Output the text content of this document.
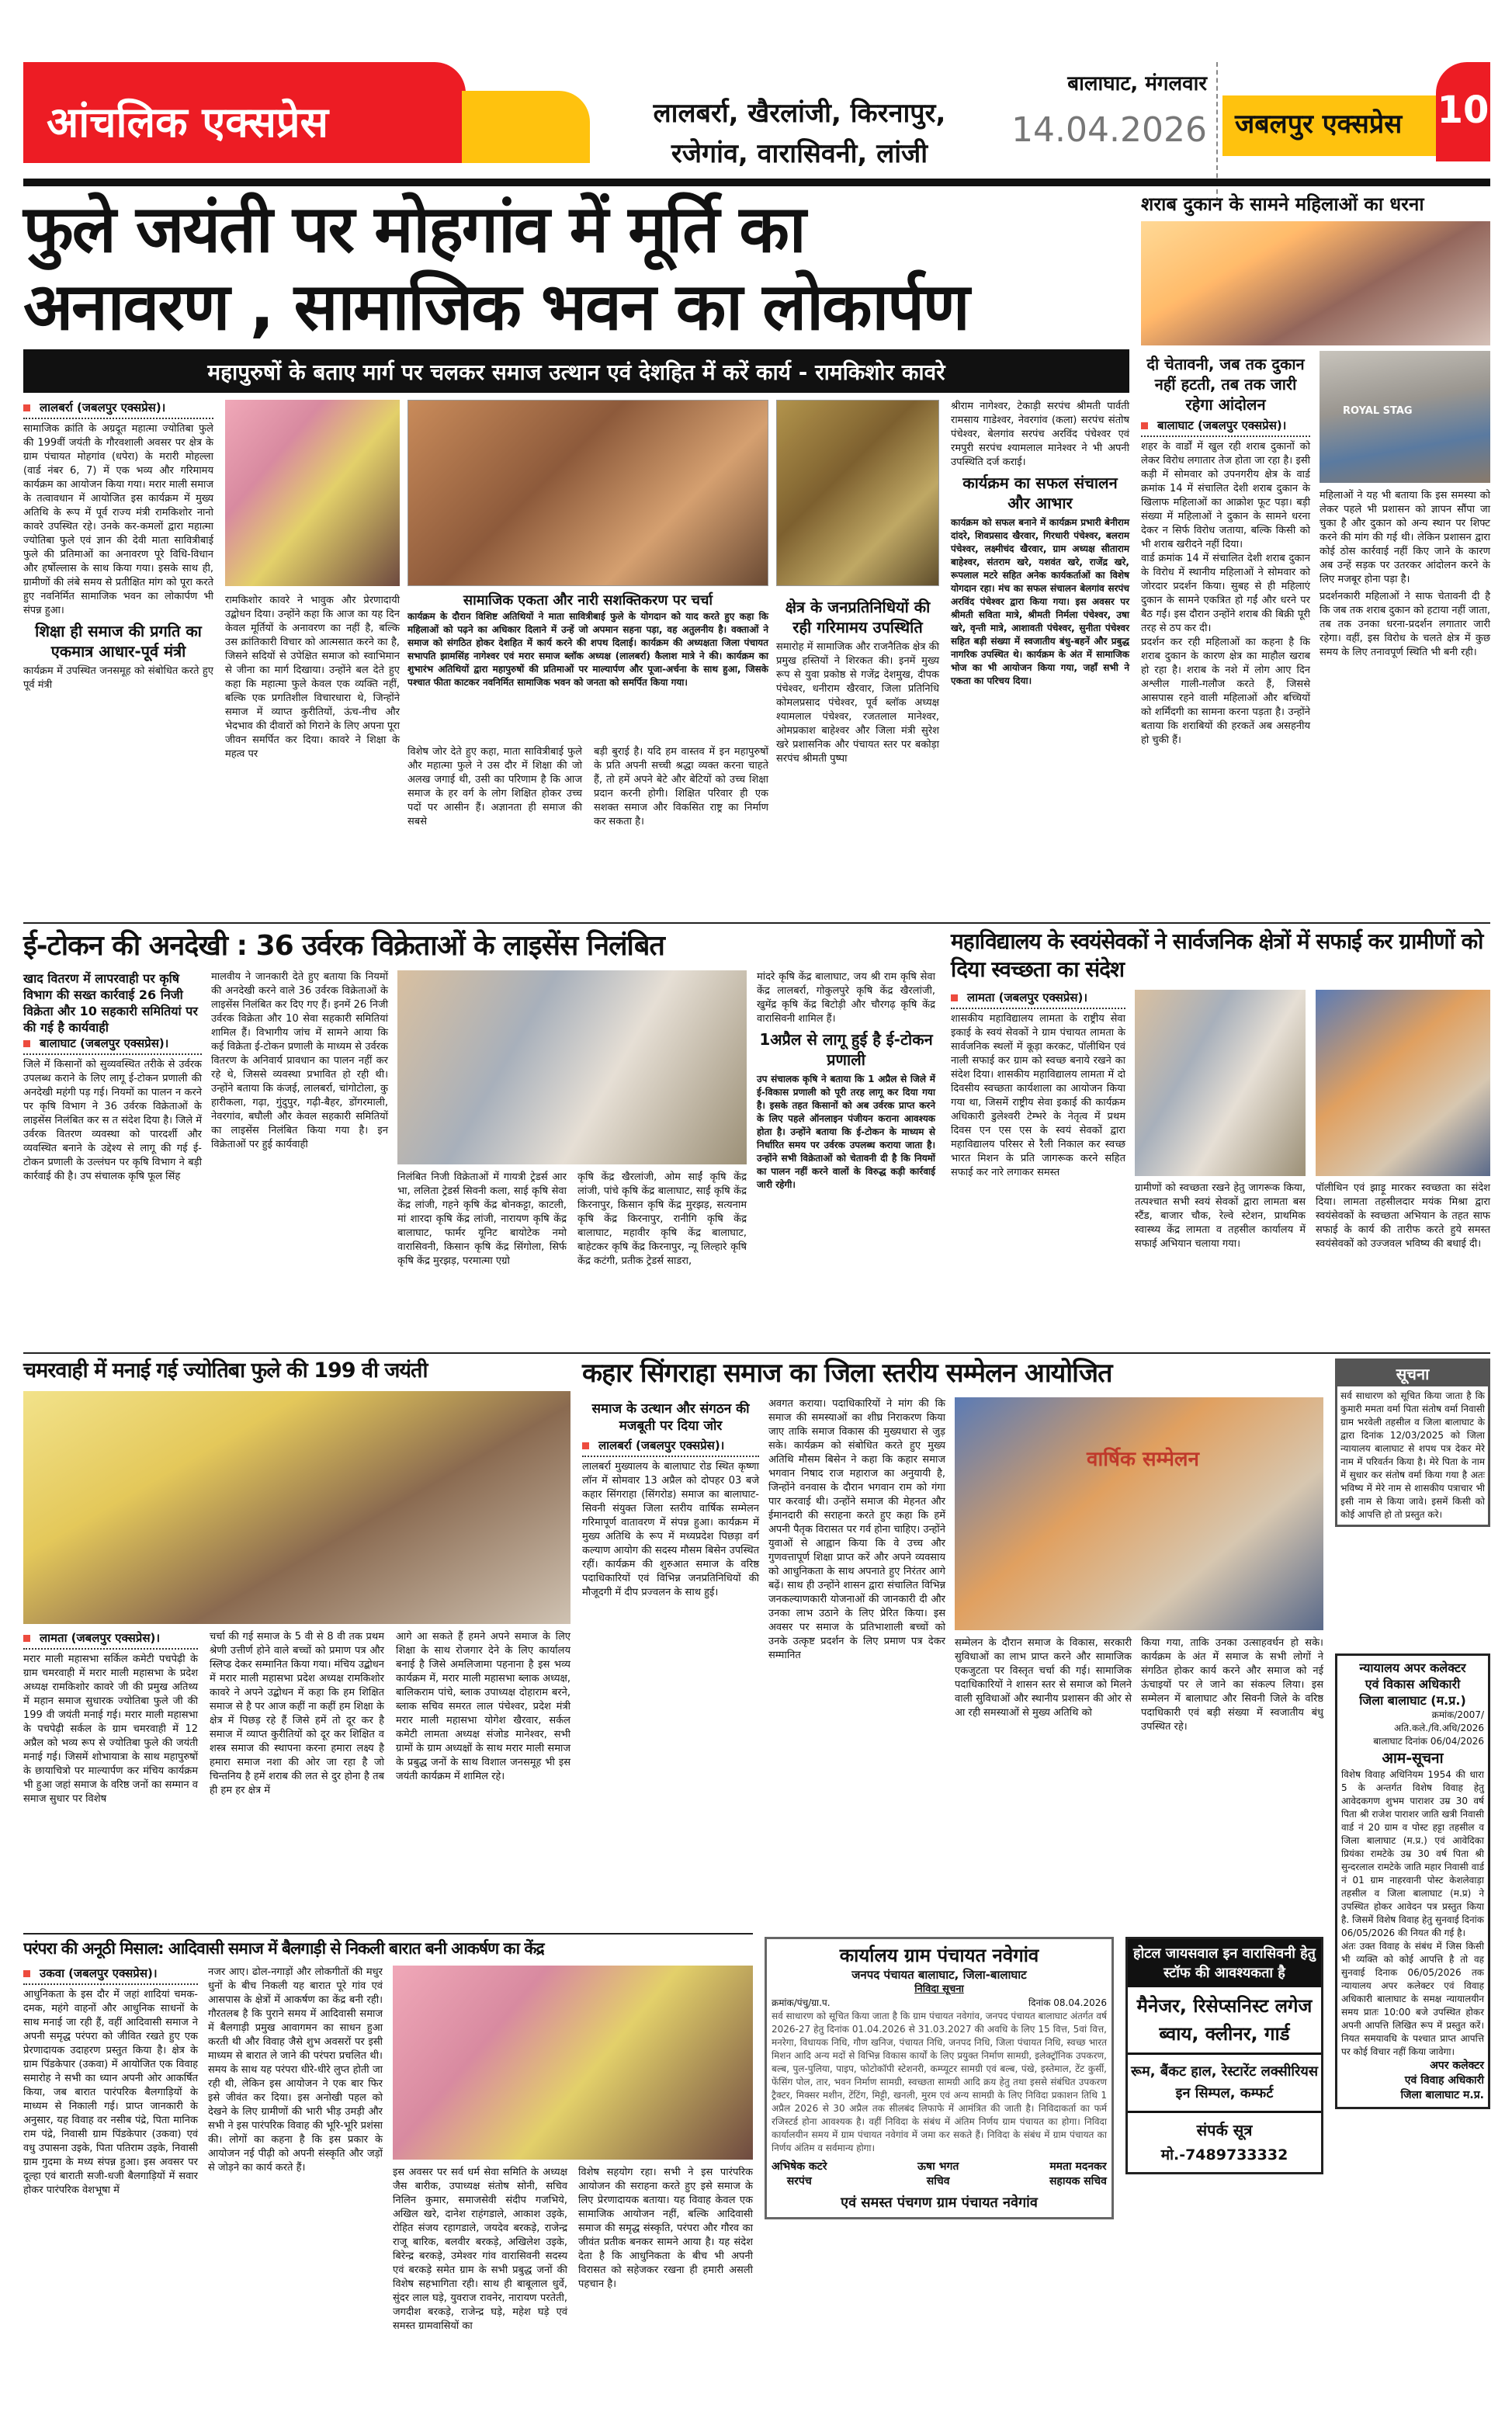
आंचलिक एक्सप्रेस	लालबर्रा, खैरलांजी, किरनापुर,
रजेगांव, वारासिवनी, लांजी
बालाघाट, मंगलवार
14.04.2026	जबलपुर एक्सप्रेस 10
फुले जयंती पर मोहगांव में मूर्ति का
अनावरण , सामाजिक भवन का लोकार्पण
महापुरुषों के बताए मार्ग पर चलकर समाज उत्थान एवं देशहित में करें कार्य - रामकिशोर कावरे
लालबर्रा (जबलपुर एक्सप्रेस)।

सामाजिक क्रांति के अग्रदूत महात्मा ज्योतिबा फुले की 199वीं जयंती के गौरवशाली अवसर पर क्षेत्र के ग्राम पंचायत मोहगांव (धपेरा) के मरारी मोहल्ला (वार्ड नंबर 6, 7) में एक भव्य और गरिमामय कार्यक्रम का आयोजन किया गया। मरार माली समाज के तत्वावधान में आयोजित इस कार्यक्रम में मुख्य अतिथि के रूप में पूर्व राज्य मंत्री रामकिशोर नानो कावरे उपस्थित रहे। उनके कर-कमलों द्वारा महात्मा ज्योतिबा फुले एवं ज्ञान की देवी माता सावित्रीबाई फुले की प्रतिमाओं का अनावरण पूरे विधि-विधान और हर्षोल्लास के साथ किया गया। इसके साथ ही, ग्रामीणों की लंबे समय से प्रतीक्षित मांग को पूरा करते हुए नवनिर्मित सामाजिक भवन का लोकार्पण भी संपन्न हुआ।

शिक्षा ही समाज की प्रगति का एकमात्र आधार-पूर्व मंत्री

कार्यक्रम में उपस्थित जनसमूह को संबोधित करते हुए पूर्व मंत्री

रामकिशोर कावरे ने भावुक और प्रेरणादायी उद्बोधन दिया। उन्होंने कहा कि आज का यह दिन केवल मूर्तियों के अनावरण का नहीं है, बल्कि उस क्रांतिकारी विचार को आत्मसात करने का है, जिसने सदियों से उपेक्षित समाज को स्वाभिमान से जीना का मार्ग दिखाया। उन्होंने बल देते हुए कहा कि महात्मा फुले केवल एक व्यक्ति नहीं, बल्कि एक प्रगतिशील विचारधारा थे, जिन्होंने समाज में व्याप्त कुरीतियों, ऊंच-नीच और भेदभाव की दीवारों को गिराने के लिए अपना पूरा जीवन समर्पित कर दिया। कावरे ने शिक्षा के महत्व पर

सामाजिक एकता और नारी सशक्तिकरण पर चर्चा

कार्यक्रम के दौरान विशिष्ट अतिथियों ने माता सावित्रीबाई फुले के योगदान को याद करते हुए कहा कि महिलाओं को पढ़ने का अधिकार दिलाने में उन्हें जो अपमान सहना पड़ा, वह अतुलनीय है। वक्ताओं ने समाज को संगठित होकर देशहित में कार्य करने की शपथ दिलाई। कार्यक्रम की अध्यक्षता जिला पंचायत सभापति झामसिंह नागेश्वर एवं मरार समाज ब्लॉक अध्यक्ष (लालबर्रा) कैलाश मात्रे ने की। कार्यक्रम का शुभारंभ अतिथियों द्वारा महापुरुषों की प्रतिमाओं पर माल्यार्पण और पूजा-अर्चना के साथ हुआ, जिसके पश्चात फीता काटकर नवनिर्मित सामाजिक भवन को जनता को समर्पित किया गया।

विशेष जोर देते हुए कहा, माता सावित्रीबाई फुले और महात्मा फुले ने उस दौर में शिक्षा की जो अलख जगाई थी, उसी का परिणाम है कि आज समाज के हर वर्ग के लोग शिक्षित होकर उच्च पदों पर आसीन हैं। अज्ञानता ही समाज की सबसे

बड़ी बुराई है। यदि हम वास्तव में इन महापुरुषों के प्रति अपनी सच्ची श्रद्धा व्यक्त करना चाहते हैं, तो हमें अपने बेटे और बेटियों को उच्च शिक्षा प्रदान करनी होगी। शिक्षित परिवार ही एक सशक्त समाज और विकसित राष्ट्र का निर्माण कर सकता है।

क्षेत्र के जनप्रतिनिधियों की रही गरिमामय उपस्थिति

समारोह में सामाजिक और राजनैतिक क्षेत्र की प्रमुख हस्तियों ने शिरकत की। इनमें मुख्य रूप से युवा प्रकोष्ठ से गजेंद्र देशमुख, दीपक पंचेश्वर, धनीराम खैरवार, जिला प्रतिनिधि कोमलप्रसाद पंचेश्वर, पूर्व ब्लॉक अध्यक्ष श्यामलाल पंचेश्वर, रजतलाल मानेश्वर, ओमप्रकाश बाहेश्वर और जिला मंत्री सुरेश खरे प्रशासनिक और पंचायत स्तर पर बकोड़ा सरपंच श्रीमती पुष्पा

श्रीराम नागेश्वर, टेकाड़ी सरपंच श्रीमती पार्वती रामसाय गाडेश्वर, नेवरगांव (कला) सरपंच संतोष पंचेश्वर, बेलगांव सरपंच अरविंद पंचेश्वर एवं रमपुरी सरपंच श्यामलाल मानेश्वर ने भी अपनी उपस्थिति दर्ज कराई।

कार्यक्रम का सफल संचालन और आभार

कार्यक्रम को सफल बनाने में कार्यक्रम प्रभारी बेनीराम दांदरे, शिवप्रसाद खैरवार, गिरधारी पंचेश्वर, बलराम पंचेश्वर, लक्ष्मीचंद खैरवार, ग्राम अध्यक्ष सीताराम बाहेश्वर, संतराम खरे, यशवंत खरे, राजेंद्र खरे, रूपलाल मटरे सहित अनेक कार्यकर्ताओं का विशेष योगदान रहा। मंच का सफल संचालन बेलगांव सरपंच अरविंद पंचेश्वर द्वारा किया गया। इस अवसर पर श्रीमती सविता मात्रे, श्रीमती निर्मला पंचेश्वर, उषा खरे, वृन्ती मात्रे, आशावती पंचेश्वर, सुनीता पंचेश्वर सहित बड़ी संख्या में स्वजातीय बंधु-बहनें और प्रबुद्ध नागरिक उपस्थित थे। कार्यक्रम के अंत में सामाजिक भोज का भी आयोजन किया गया, जहाँ सभी ने एकता का परिचय दिया।

शराब दुकान के सामने महिलाओं का धरना
दी चेतावनी, जब तक दुकान नहीं हटती, तब तक जारी रहेगा आंदोलन
बालाघाट (जबलपुर एक्सप्रेस)।

शहर के वार्डों में खुल रही शराब दुकानों को लेकर विरोध लगातार तेज होता जा रहा है। इसी कड़ी में सोमवार को उपनगरीय क्षेत्र के वार्ड क्रमांक 14 में संचालित देशी शराब दुकान के खिलाफ महिलाओं का आक्रोश फूट पड़ा। बड़ी संख्या में महिलाओं ने दुकान के सामने धरना देकर न सिर्फ विरोध जताया, बल्कि किसी को भी शराब खरीदने नहीं दिया।

वार्ड क्रमांक 14 में संचालित देशी शराब दुकान के विरोध में स्थानीय महिलाओं ने सोमवार को जोरदार प्रदर्शन किया। सुबह से ही महिलाएं दुकान के सामने एकत्रित हो गईं और धरने पर बैठ गईं। इस दौरान उन्होंने शराब की बिक्री पूरी तरह से ठप कर दी।

प्रदर्शन कर रही महिलाओं का कहना है कि शराब दुकान के कारण क्षेत्र का माहौल खराब हो रहा है। शराब के नशे में लोग आए दिन अश्लील गाली-गलौज करते हैं, जिससे आसपास रहने वाली महिलाओं और बच्चियों को शर्मिंदगी का सामना करना पड़ता है। उन्होंने बताया कि शराबियों की हरकतें अब असहनीय हो चुकी हैं।

ROYAL STAG

महिलाओं ने यह भी बताया कि इस समस्या को लेकर पहले भी प्रशासन को ज्ञापन सौंपा जा चुका है और दुकान को अन्य स्थान पर शिफ्ट करने की मांग की गई थी। लेकिन प्रशासन द्वारा कोई ठोस कार्रवाई नहीं किए जाने के कारण अब उन्हें सड़क पर उतरकर आंदोलन करने के लिए मजबूर होना पड़ा है।

प्रदर्शनकारी महिलाओं ने साफ चेतावनी दी है कि जब तक शराब दुकान को हटाया नहीं जाता, तब तक उनका धरना-प्रदर्शन लगातार जारी रहेगा। वहीं, इस विरोध के चलते क्षेत्र में कुछ समय के लिए तनावपूर्ण स्थिति भी बनी रही।

ई-टोकन की अनदेखी : 36 उर्वरक विक्रेताओं के लाइसेंस निलंबित
खाद वितरण में लापरवाही पर कृषि विभाग की सख्त कार्रवाई 26 निजी विक्रेता और 10 सहकारी समितियां पर की गई है कार्यवाही
बालाघाट (जबलपुर एक्सप्रेस)।

जिले में किसानों को सुव्यवस्थित तरीके से उर्वरक उपलब्ध कराने के लिए लागू ई-टोकन प्रणाली की अनदेखी महंगी पड़ गई। नियमों का पालन न करने पर कृषि विभाग ने 36 उर्वरक विक्रेताओं के लाइसेंस निलंबित कर स त संदेश दिया है। जिले में उर्वरक वितरण व्यवस्था को पारदर्शी और व्यवस्थित बनाने के उद्देश्य से लागू की गई ई-टोकन प्रणाली के उल्लंघन पर कृषि विभाग ने बड़ी कार्रवाई की है। उप संचालक कृषि फूल सिंह

मालवीय ने जानकारी देते हुए बताया कि नियमों की अनदेखी करने वाले 36 उर्वरक विक्रेताओं के लाइसेंस निलंबित कर दिए गए हैं। इनमें 26 निजी उर्वरक विक्रेता और 10 सेवा सहकारी समितियां शामिल हैं। विभागीय जांच में सामने आया कि कई विक्रेता ई-टोकन प्रणाली के माध्यम से उर्वरक वितरण के अनिवार्य प्रावधान का पालन नहीं कर रहे थे, जिससे व्यवस्था प्रभावित हो रही थी। उन्होंने बताया कि कंजई, लालबर्रा, चांगोटोला, कु हारीकला, गढ़ा, गुंदुपुर, गढ़ी-बैहर, डोंगरमाली, नेवरगांव, बघौली और केवल सहकारी समितियों का लाइसेंस निलंबित किया गया है। इन विक्रेताओं पर हुई कार्यवाही

निलंबित निजी विक्रेताओं में गायत्री ट्रेडर्स आर भा, ललिता ट्रेडर्स सिवनी कला, साई कृषि सेवा केंद्र लांजी, गहने कृषि केंद्र बोनकट्टा, काटली, मां शारदा कृषि केंद्र लांजी, नारायण कृषि केंद्र बालाघाट, फार्मर यूनिट बायोटेक नमो वारासिवनी, किसान कृषि केंद्र सिंगोला, सिर्फ कृषि केंद्र मुरझड़, परमात्मा एग्रो

कृषि केंद्र खैरलांजी, ओम साईं कृषि केंद्र लांजी, पांचे कृषि केंद्र बालाघाट, साईं कृषि केंद्र किरनापुर, किसान कृषि केंद्र मुरझड़, सत्यनाम कृषि केंद्र किरनापुर, रानीगि कृषि केंद्र बालाघाट, महावीर कृषि केंद्र बालाघाट, बाहेटकर कृषि केंद्र किरनापुर, न्यू लिल्हारे कृषि केंद्र कटंगी, प्रतीक ट्रेडर्स साडरा,

मांदरे कृषि केंद्र बालाघाट, जय श्री राम कृषि सेवा केंद्र लालबर्रा, गोकुलपुरे कृषि केंद्र खैरलांजी, खुमेंद्र कृषि केंद्र बिटोड़ी और चौरगढ़ कृषि केंद्र वारासिवनी शामिल हैं।

1अप्रैल से लागू हुई है ई-टोकन प्रणाली

उप संचालक कृषि ने बताया कि 1 अप्रैल से जिले में ई-विकास प्रणाली को पूरी तरह लागू कर दिया गया है। इसके तहत किसानों को अब उर्वरक प्राप्त करने के लिए पहले ऑनलाइन पंजीयन कराना आवश्यक होता है। उन्होंने बताया कि ई-टोकन के माध्यम से निर्धारित समय पर उर्वरक उपलब्ध कराया जाता है। उन्होंने सभी विक्रेताओं को चेतावनी दी है कि नियमों का पालन नहीं करने वालों के विरुद्ध कड़ी कार्रवाई जारी रहेगी।

महाविद्यालय के स्वयंसेवकों ने सार्वजनिक क्षेत्रों में सफाई कर ग्रामीणों को दिया स्वच्छता का संदेश
लामता (जबलपुर एक्सप्रेस)।

शासकीय महाविद्यालय लामता के राष्ट्रीय सेवा इकाई के स्वयं सेवकों ने ग्राम पंचायत लामता के सार्वजनिक स्थलों में कूड़ा करकट, पॉलीथिन एवं नाली सफाई कर ग्राम को स्वच्छ बनाये रखने का संदेश दिया। शासकीय महाविद्यालय लामता में दो दिवसीय स्वच्छता कार्यशाला का आयोजन किया गया था, जिसमें राष्ट्रीय सेवा इकाई की कार्यक्रम अधिकारी डुलेश्वरी टेम्भरे के नेतृत्व में प्रथम दिवस एन एस एस के स्वयं सेवकों द्वारा महाविद्यालय परिसर से रैली निकाल कर स्वच्छ भारत मिशन के प्रति जागरूक करने सहित सफाई कर नारे लगाकर समस्त

ग्रामीणों को स्वच्छता रखने हेतु जागरूक किया, तत्पश्चात सभी स्वयं सेवकों द्वारा लामता बस स्टैंड, बाजार चौक, रेल्वे स्टेशन, प्राथमिक स्वास्थ्य केंद्र लामता व तहसील कार्यालय में सफाई अभियान चलाया गया।

पॉलीथिन एवं झाड़ू मारकर स्वच्छता का संदेश दिया। लामता तहसीलदार मयंक मिश्रा द्वारा स्वयंसेवकों के स्वच्छता अभियान के तहत साफ सफाई के कार्य की तारीफ करते हुये समस्त स्वयंसेवकों को उज्जवल भविष्य की बधाई दी।

चमरवाही में मनाई गई ज्योतिबा फुले की 199 वी जयंती
लामता (जबलपुर एक्सप्रेस)।

मरार माली महासभा सर्किल कमेटी पचपेढ़ी के ग्राम चमरवाही में मरार माली महासभा के प्रदेश अध्यक्ष रामकिशोर कावरे जी की प्रमुख अतिथ्य में महान समाज सुधारक ज्योतिबा फुले जी की 199 वी जयंती मनाई गई। मरार माली महासभा के पचपेढ़ी सर्कल के ग्राम चमरवाही में 12 अप्रैल को भव्य रूप से ज्योतिबा फुले की जयंती मनाई गई। जिसमें शोभायात्रा के साथ महापुरुषों के छायाचित्रो पर माल्यार्पण कर मंचिय कार्यक्रम भी हुआ जहां समाज के वरिष्ठ जनों का सम्मान व समाज सुधार पर विशेष

चर्चा की गई समाज के 5 वी से 8 वी तक प्रथम श्रेणी उत्तीर्ण होने वाले बच्चों को प्रमाण पत्र और स्लिप्ड देकर सम्मानित किया गया। मंचिय उद्बोधन में मरार माली महासभा प्रदेश अध्यक्ष रामकिशोर कावरे ने अपने उद्बोधन में कहा कि हम शिक्षित समाज से है पर आज कहीं ना कहीं हम शिक्षा के क्षेत्र में पिछड़ रहे हैं जिसे हमें तो दूर कर है समाज में व्याप्त कुरीतियों को दूर कर शिक्षित व शस्त्र समाज की स्थापना करना हमारा लक्ष्य है हमारा समाज नशा की ओर जा रहा है जो चिन्तनिय है हमें शराब की लत से दुर होना है तब ही हम हर क्षेत्र में

आगे आ सकते हैं हमने अपने समाज के लिए शिक्षा के साथ रोजगार देने के लिए कार्यालय बनाई है जिसे अमलिजामा पहनाना है इस भव्य कार्यक्रम में, मरार माली महासभा ब्लाक अध्यक्ष, बालिकराम पांचे, ब्लाक उपाध्यक्ष दोहाराम बरने, ब्लाक सचिव समरत लाल पंचेश्वर, प्रदेश मंत्री मरार माली महासभा योगेश खैरवार, सर्कल कमेटी लामता अध्यक्ष संजोड मानेश्वर, सभी ग्रामों के ग्राम अध्यक्षों के साथ मरार माली समाज के प्रबुद्ध जनों के साथ विशाल जनसमूह भी इस जयंती कार्यक्रम में शामिल रहे।

कहार सिंगराहा समाज का जिला स्तरीय सम्मेलन आयोजित
समाज के उत्थान और संगठन की मजबूती पर दिया जोर
लालबर्रा (जबलपुर एक्सप्रेस)।

लालबर्रा मुख्यालय के बालाघाट रोड स्थित कृष्णा लॉन में सोमवार 13 अप्रैल को दोपहर 03 बजे कहार सिंगराहा (सिंगरोड) समाज का बालाघाट-सिवनी संयुक्त जिला स्तरीय वार्षिक सम्मेलन गरिमापूर्ण वातावरण में संपन्न हुआ। कार्यक्रम में मुख्य अतिथि के रूप में मध्यप्रदेश पिछड़ा वर्ग कल्याण आयोग की सदस्य मौसम बिसेन उपस्थित रहीं। कार्यक्रम की शुरुआत समाज के वरिष्ठ पदाधिकारियों एवं विभिन्न जनप्रतिनिधियों की मौजूदगी में दीप प्रज्वलन के साथ हुई।

अवगत कराया। पदाधिकारियों ने मांग की कि समाज की समस्याओं का शीघ्र निराकरण किया जाए ताकि समाज विकास की मुख्यधारा से जुड़ सके। कार्यक्रम को संबोधित करते हुए मुख्य अतिथि मौसम बिसेन ने कहा कि कहार समाज भगवान निषाद राज महाराज का अनुयायी है, जिन्होंने वनवास के दौरान भगवान राम को गंगा पार करवाई थी। उन्होंने समाज की मेहनत और ईमानदारी की सराहना करते हुए कहा कि हमें अपनी पैतृक विरासत पर गर्व होना चाहिए। उन्होंने युवाओं से आह्वान किया कि वे उच्च और गुणवत्तापूर्ण शिक्षा प्राप्त करें और अपने व्यवसाय को आधुनिकता के साथ अपनाते हुए निरंतर आगे बढ़ें। साथ ही उन्होंने शासन द्वारा संचालित विभिन्न जनकल्याणकारी योजनाओं की जानकारी दी और उनका लाभ उठाने के लिए प्रेरित किया। इस अवसर पर समाज के प्रतिभाशाली बच्चों को उनके उत्कृष्ट प्रदर्शन के लिए प्रमाण पत्र देकर सम्मानित

वार्षिक सम्मेलन

सम्मेलन के दौरान समाज के विकास, सरकारी सुविधाओं का लाभ प्राप्त करने और सामाजिक एकजुटता पर विस्तृत चर्चा की गई। सामाजिक पदाधिकारियों ने शासन स्तर से समाज को मिलने वाली सुविधाओं और स्थानीय प्रशासन की ओर से आ रही समस्याओं से मुख्य अतिथि को

किया गया, ताकि उनका उत्साहवर्धन हो सके। कार्यक्रम के अंत में समाज के सभी लोगों ने संगठित होकर कार्य करने और समाज को नई ऊंचाइयों पर ले जाने का संकल्प लिया। इस सम्मेलन में बालाघाट और सिवनी जिले के वरिष्ठ पदाधिकारी एवं बड़ी संख्या में स्वजातीय बंधु उपस्थित रहे।

सूचना

सर्व साधारण को सूचित किया जाता है कि कुमारी ममता वर्मा पिता संतोष वर्मा निवासी ग्राम भरवेली तहसील व जिला बालाघाट के द्वारा दिनांक 12/03/2025 को जिला न्यायालय बालाघाट से शपथ पत्र देकर मेरे नाम में परिवर्तन किया है। मेरे पिता के नाम में सुधार कर संतोष वर्मा किया गया है अतः भविष्य में मेरे नाम से शासकीय पत्राचार भी इसी नाम से किया जावे। इसमें किसी को कोई आपत्ति हो तो प्रस्तुत करे।

न्यायालय अपर कलेक्टर
एवं विकास अधिकारी
जिला बालाघाट (म.प्र.)
क्रमांक/2007/
अति.कले./वि.अधि/2026
बालाघाट दिनांक 06/04/2026
आम-सूचना

विशेष विवाह अधिनियम 1954 की धारा 5 के अन्तर्गत विशेष विवाह हेतु आवेदकगण शुभम पाराशर उम्र 30 वर्ष पिता श्री राजेश पाराशर जाति खत्री निवासी वार्ड नं 20 ग्राम व पोस्ट हट्टा तहसील व जिला बालाघाट (म.प्र.) एवं आवेदिका प्रियंका रामटेके उम्र 30 वर्ष पिता श्री सुन्दरलाल रामटेके जाति महार निवासी वार्ड नं 01 ग्राम नाहरवानी पोस्ट केशलेवाड़ा तहसील व जिला बालाघाट (म.प्र) ने उपस्थित होकर आवेदन पत्र प्रस्तुत किया है. जिसमें विशेष विवाह हेतु सुनवाई दिनांक 06/05/2026 की नियत की गई है।

अंतः उक्त विवाह के संबंध में जिस किसी भी व्यक्ति को कोई आपत्ति है तो वह सुनवाई दिनाक 06/05/2026 तक न्यायालय अपर कलेक्टर एवं विवाह अधिकारी बालाघाट के समक्ष न्यायालयीन समय प्रातः 10:00 बजे उपस्थित होकर अपनी आपत्ति लिखित रूप में प्रस्तुत करें। नियत समयावधि के पश्चात प्राप्त आपत्ति पर कोई विचार नहीं किया जावेगा।

अपर कलेक्टर
एवं विवाह अधिकारी
जिला बालाघाट म.प्र.
परंपरा की अनूठी मिसाल: आदिवासी समाज में बैलगाड़ी से निकली बारात बनी आकर्षण का केंद्र
उकवा (जबलपुर एक्सप्रेस)।

आधुनिकता के इस दौर में जहां शादियां चमक-दमक, महंगे वाहनों और आधुनिक साधनों के साथ मनाई जा रही हैं, वहीं आदिवासी समाज ने अपनी समृद्ध परंपरा को जीवित रखते हुए एक प्रेरणादायक उदाहरण प्रस्तुत किया है। क्षेत्र के ग्राम पिंडकेपार (उकवा) में आयोजित एक विवाह समारोह ने सभी का ध्यान अपनी ओर आकर्षित किया, जब बारात पारंपरिक बैलगाड़ियों के माध्यम से निकाली गई। प्राप्त जानकारी के अनुसार, यह विवाह वर नसीब पंद्रे, पिता मानिक राम पंद्रे, निवासी ग्राम पिंडकेपार (उकवा) एवं वधु उपासना उइके, पिता पतिराम उइके, निवासी ग्राम गुदमा के मध्य संपन्न हुआ। इस अवसर पर दूल्हा एवं बाराती सजी-धजी बैलगाड़ियों में सवार होकर पारंपरिक वेशभूषा में

नजर आए। ढोल-नगाड़ों और लोकगीतों की मधुर धुनों के बीच निकली यह बारात पूरे गांव एवं आसपास के क्षेत्रों में आकर्षण का केंद्र बनी रही। गौरतलब है कि पुराने समय में आदिवासी समाज में बैलगाड़ी प्रमुख आवागमन का साधन हुआ करती थी और विवाह जैसे शुभ अवसरों पर इसी माध्यम से बारात ले जाने की परंपरा प्रचलित थी। समय के साथ यह परंपरा धीरे-धीरे लुप्त होती जा रही थी, लेकिन इस आयोजन ने एक बार फिर इसे जीवंत कर दिया। इस अनोखी पहल को देखने के लिए ग्रामीणों की भारी भीड़ उमड़ी और सभी ने इस पारंपरिक विवाह की भूरि-भूरि प्रशंसा की। लोगों का कहना है कि इस प्रकार के आयोजन नई पीढ़ी को अपनी संस्कृति और जड़ों से जोड़ने का कार्य करते हैं।	इस अवसर पर सर्व धर्म सेवा समिति के अध्यक्ष जैस बारीक, उपाध्यक्ष संतोष सोनी, सचिव निलिन कुमार, समाजसेवी संदीप गजभिये, अखिल खरे, दानेश राहंगडाले, आकाश उइके, रोहित संजय रहागडाले, जयदेव बरकड़े, राजेन्द्र राजू बारिक, बलवीर बरकड़े, अखिलेश उइके, बिरेन्द्र बरकड़े, उमेश्वर गांव वारासिवनी सदस्य एवं बरकड़े समेत ग्राम के सभी प्रबुद्ध जनों की विशेष सहभागिता रही। साथ ही बाबूलाल धुर्वे, सुंदर लाल घड़े, युवराज रावनेर, नारायण परतेती, जगदीश बरकड़े, राजेन्द्र घड़े, महेश घड़े एवं समस्त ग्रामवासियों का

विशेष सहयोग रहा। सभी ने इस पारंपरिक आयोजन की सराहना करते हुए इसे समाज के लिए प्रेरणादायक बताया। यह विवाह केवल एक सामाजिक आयोजन नहीं, बल्कि आदिवासी समाज की समृद्ध संस्कृति, परंपरा और गौरव का जीवंत प्रतीक बनकर सामने आया है। यह संदेश देता है कि आधुनिकता के बीच भी अपनी विरासत को सहेजकर रखना ही हमारी असली पहचान है।

कार्यालय ग्राम पंचायत नवेगांव
जनपद पंचायत बालाघाट, जिला-बालाघाट
निविदा सूचना
क्रमांक/पंचु/ग्रा.प.	दिनांक 08.04.2026

सर्व साधारण को सूचित किया जाता है कि ग्राम पंचायत नवेगांव, जनपद पंचायत बालाघाट अंतर्गत वर्ष 2026-27 हेतु दिनांक 01.04.2026 से 31.03.2027 की अवधि के लिए 15 वित्त, 5वां वित्त, मनरेगा, विधायक निधि, गौण खनिज, पंचायत निधि, जनपद निधि, जिला पंचायत निधि, स्वच्छ भारत मिशन आदि अन्य मदों से विभिन्न विकास कार्यों के लिए प्रयुक्त निर्माण सामग्री, इलेक्ट्रॉनिक उपकरण, बल्ब, पुल-पुलिया, पाइप, फोटोकॉपी स्टेशनरी, कम्प्यूटर सामग्री एवं बल्ब, पंखे, इस्तेमाल, टेंट कुर्सी, फेंसिंग पोल, तार, भवन निर्माण सामग्री, स्वच्छता सामग्री आदि क्रय हेतु तथा इससे संबंधित उपकरण ट्रैक्टर, मिक्सर मशीन, टेंटिंग, मिट्टी, खनली, मुरम एवं अन्य सामग्री के लिए निविदा प्रकाशन तिथि 1 अप्रैल 2026 से 30 अप्रैल तक सीलबंद लिफाफे में आमंत्रित की जाती है। निविदाकर्ता का फर्म रजिस्टर्ड होना आवश्यक है। वहीं निविदा के संबंध में अंतिम निर्णय ग्राम पंचायत का होगा। निविदा कार्यालयीन समय में ग्राम पंचायत नवेगांव में जमा कर सकते हैं। निविदा के संबंध में ग्राम पंचायत का निर्णय अंतिम व सर्वमान्य होगा।

अभिषेक कटरे
सरपंच
ऊषा भगत
सचिव
ममता मदनकर
सहायक सचिव
एवं समस्त पंचगण ग्राम पंचायत नवेगांव
होटल जायसवाल इन वारासिवनी हेतु स्टॉफ की आवश्यकता है
मैनेजर, रिसेप्सनिस्ट लगेज ब्वाय, क्लीनर, गार्ड
रूम, बैंकट हाल, रेस्टारेंट लक्सीरियस इन सिम्पल, कम्फर्ट
संपर्क सूत्र
मो.-7489733332
